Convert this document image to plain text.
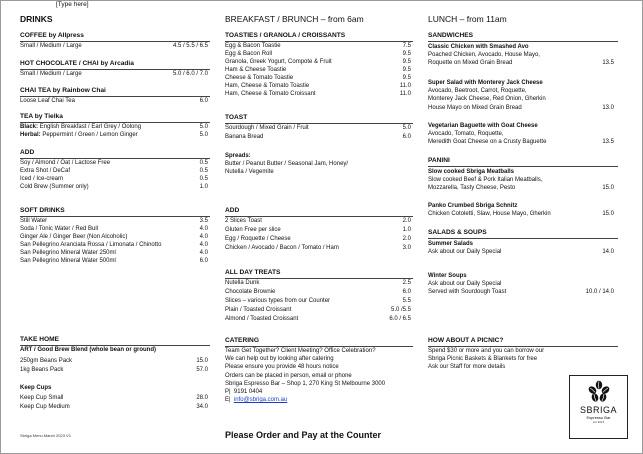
[Type here]
DRINKS
COFFEE by Allpress
Small / Medium / Large	4.5 / 5.5 / 6.5
HOT CHOCOLATE / CHAI by Arcadia
Small / Medium / Large	5.0 / 6.0 / 7.0
CHAI TEA by Rainbow Chai
Loose Leaf Chai Tea	6.0
TEA by Tielka
Black: English Breakfast / Earl Grey / Oolong	5.0
Herbal: Peppermint / Green / Lemon Ginger	5.0
ADD
Soy / Almond / Oat / Lactose Free	0.5
Extra Shot / DeCaf	0.5
Iced / Ice-cream	0.5
Cold Brew (Summer only)	1.0
SOFT DRINKS
Still Water	3.5
Soda / Tonic Water / Red Bull	4.0
Ginger Ale / Ginger Beer (Non Alcoholic)	4.0
San Pellegrino Aranciata Rossa / Limonata / Chinotto	4.0
San Pellegrino Mineral Water 250ml	4.0
San Pellegrino Mineral Water 500ml	6.0
TAKE HOME
ART / Good Brew Blend (whole bean or ground)
250gm Beans Pack	15.0
1kg Beans Pack	57.0
Keep Cups
Keep Cup Small	28.0
Keep Cup Medium	34.0
Sbriga Menu March 2023 V1
BREAKFAST / BRUNCH – from 6am
TOASTIES / GRANOLA / CROISSANTS
Egg & Bacon Toastie	7.5
Egg & Bacon Roll	9.5
Granola, Greek Yogurt, Compote & Fruit	9.5
Ham & Cheese Toastie	9.5
Cheese & Tomato Toastie	9.5
Ham, Cheese & Tomato Toastie	11.0
Ham, Cheese & Tomato Croissant	11.0
TOAST
Sourdough / Mixed Grain / Fruit	5.0
Banana Bread	6.0
Spreads:
Butter / Peanut Butter / Seasonal Jam, Honey/
Nutella / Vegemite
ADD
2 Slices Toast	2.0
Gluten Free per slice	1.0
Egg / Roquette / Cheese	2.0
Chicken / Avocado / Bacon / Tomato / Ham	3.0
ALL DAY TREATS
Nutella Dunk	2.5
Chocolate Brownie	6.0
Slices – various types from our Counter	5.5
Plain / Toasted Croissant	5.0 /5.5
Almond / Toasted Croissant	6.0 / 6.5
CATERING
Team Get Together? Client Meeting? Office Celebration?
We can help out by looking after catering
Please ensure you provide 48 hours notice
Orders can be placed in person, email or phone
Sbriga Espresso Bar – Shop 1, 270 King St Melbourne 3000
P| 9191 0404
E| info@sbriga.com.au
Please Order and Pay at the Counter
LUNCH – from 11am
SANDWICHES
Classic Chicken with Smashed Avo
Poached Chicken, Avocado, House Mayo,
Roquette on Mixed Grain Bread	13.5
Super Salad with Monterey Jack Cheese
Avocado, Beetroot, Carrot, Roquette,
Monterey Jack Cheese, Red Onion, Gherkin
House Mayo on Mixed Grain Bread	13.0
Vegetarian Baguette with Goat Cheese
Avocado, Tomato, Roquette,
Meredith Goat Cheese on a Crusty Baguette	13.5
PANINI
Slow cooked Sbriga Meatballs
Slow cooked Beef & Pork Italian Meatballs,
Mozzarella, Tasty Cheese, Pesto	15.0
Panko Crumbed Sbriga Schnitz
Chicken Cotoletti, Slaw, House Mayo, Gherkin	15.0
SALADS & SOUPS
Summer Salads
Ask about our Daily Special	14.0
Winter Soups
Ask about our Daily Special
Served with Sourdough Toast	10.0 / 14.0
HOW ABOUT A PICNIC?
Spend $30 or more and you can borrow our
Sbriga Picnic Baskets & Blankets for free
Ask our Staff for more details
SBRIGA
Espresso Bar
est 2015
